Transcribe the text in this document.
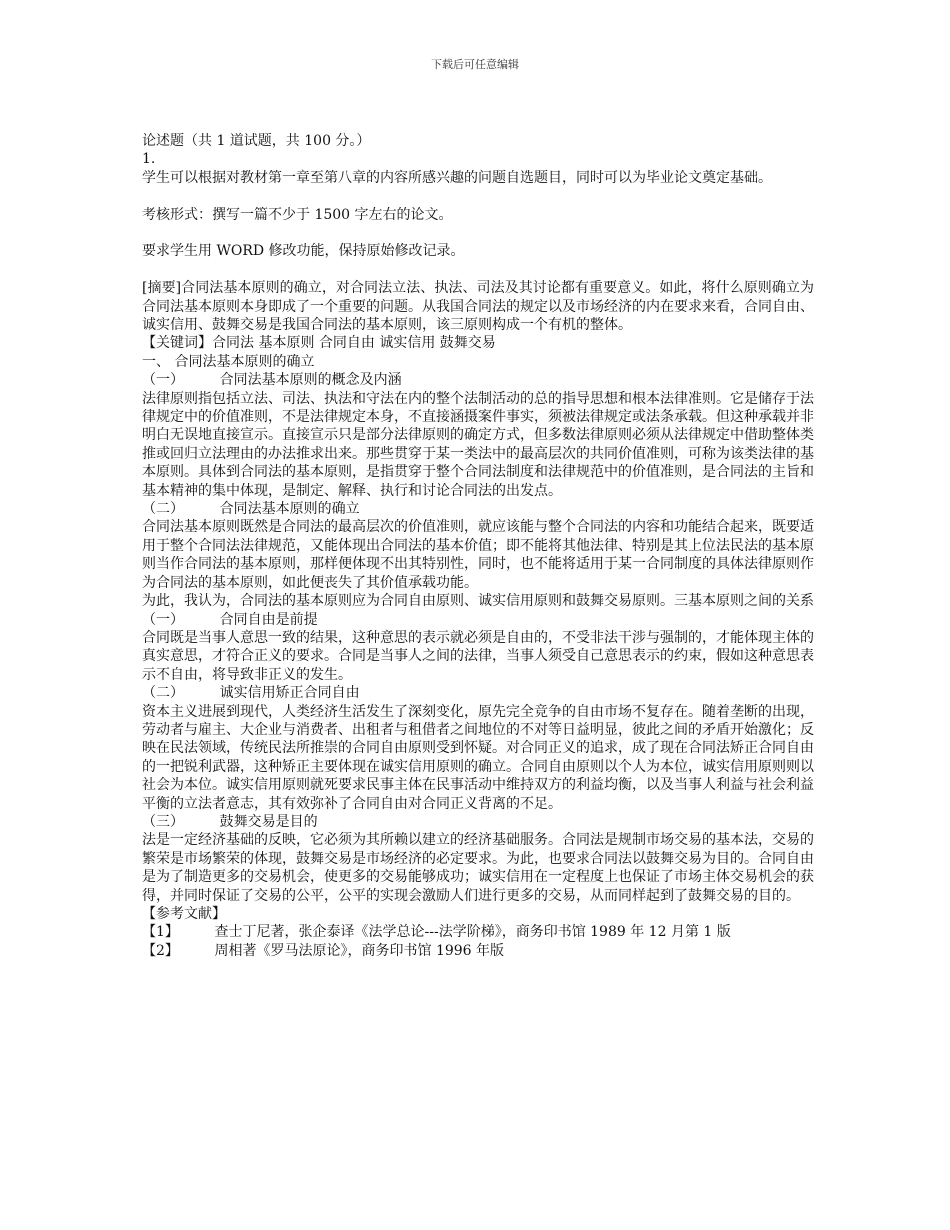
下载后可任意编辑

论述题（共 1 道试题，共 100 分。）

1.

学生可以根据对教材第一章至第八章的内容所感兴趣的问题自选题目，同时可以为毕业论文奠定基础。

考核形式：撰写一篇不少于 1500 字左右的论文。

要求学生用 WORD 修改功能，保持原始修改记录。

[摘要]合同法基本原则的确立，对合同法立法、执法、司法及其讨论都有重要意义。如此，将什么原则确立为合同法基本原则本身即成了一个重要的问题。从我国合同法的规定以及市场经济的内在要求来看，合同自由、诚实信用、鼓舞交易是我国合同法的基本原则，该三原则构成一个有机的整体。

【关键词】合同法 基本原则 合同自由 诚实信用 鼓舞交易

一、 合同法基本原则的确立

（一）        合同法基本原则的概念及内涵

法律原则指包括立法、司法、执法和守法在内的整个法制活动的总的指导思想和根本法律准则。它是储存于法律规定中的价值准则，不是法律规定本身，不直接涵摄案件事实，须被法律规定或法条承载。但这种承载并非明白无误地直接宣示。直接宣示只是部分法律原则的确定方式，但多数法律原则必须从法律规定中借助整体类推或回归立法理由的办法推求出来。那些贯穿于某一类法中的最高层次的共同价值准则，可称为该类法律的基本原则。具体到合同法的基本原则，是指贯穿于整个合同法制度和法律规范中的价值准则，是合同法的主旨和基本精神的集中体现，是制定、解释、执行和讨论合同法的出发点。

（二）        合同法基本原则的确立

合同法基本原则既然是合同法的最高层次的价值准则，就应该能与整个合同法的内容和功能结合起来，既要适用于整个合同法法律规范，又能体现出合同法的基本价值；即不能将其他法律、特别是其上位法民法的基本原则当作合同法的基本原则，那样便体现不出其特别性，同时，也不能将适用于某一合同制度的具体法律原则作为合同法的基本原则，如此便丧失了其价值承载功能。

为此，我认为，合同法的基本原则应为合同自由原则、诚实信用原则和鼓舞交易原则。三基本原则之间的关系

（一）        合同自由是前提

合同既是当事人意思一致的结果，这种意思的表示就必须是自由的，不受非法干涉与强制的，才能体现主体的真实意思，才符合正义的要求。合同是当事人之间的法律，当事人须受自己意思表示的约束，假如这种意思表示不自由，将导致非正义的发生。

（二）        诚实信用矫正合同自由

资本主义进展到现代，人类经济生活发生了深刻变化，原先完全竞争的自由市场不复存在。随着垄断的出现，劳动者与雇主、大企业与消费者、出租者与租借者之间地位的不对等日益明显，彼此之间的矛盾开始激化；反映在民法领域，传统民法所推崇的合同自由原则受到怀疑。对合同正义的追求，成了现在合同法矫正合同自由的一把锐利武器，这种矫正主要体现在诚实信用原则的确立。合同自由原则以个人为本位，诚实信用原则则以社会为本位。诚实信用原则就死要求民事主体在民事活动中维持双方的利益均衡，以及当事人利益与社会利益平衡的立法者意志，其有效弥补了合同自由对合同正义背离的不足。

（三）        鼓舞交易是目的

法是一定经济基础的反映，它必须为其所赖以建立的经济基础服务。合同法是规制市场交易的基本法，交易的繁荣是市场繁荣的体现，鼓舞交易是市场经济的必定要求。为此，也要求合同法以鼓舞交易为目的。合同自由是为了制造更多的交易机会，使更多的交易能够成功；诚实信用在一定程度上也保证了市场主体交易机会的获得，并同时保证了交易的公平，公平的实现会激励人们进行更多的交易，从而同样起到了鼓舞交易的目的。

【参考文献】

【1】        查士丁尼著，张企泰译《法学总论---法学阶梯》，商务印书馆 1989 年 12 月第 1 版

【2】        周相著《罗马法原论》，商务印书馆 1996 年版
